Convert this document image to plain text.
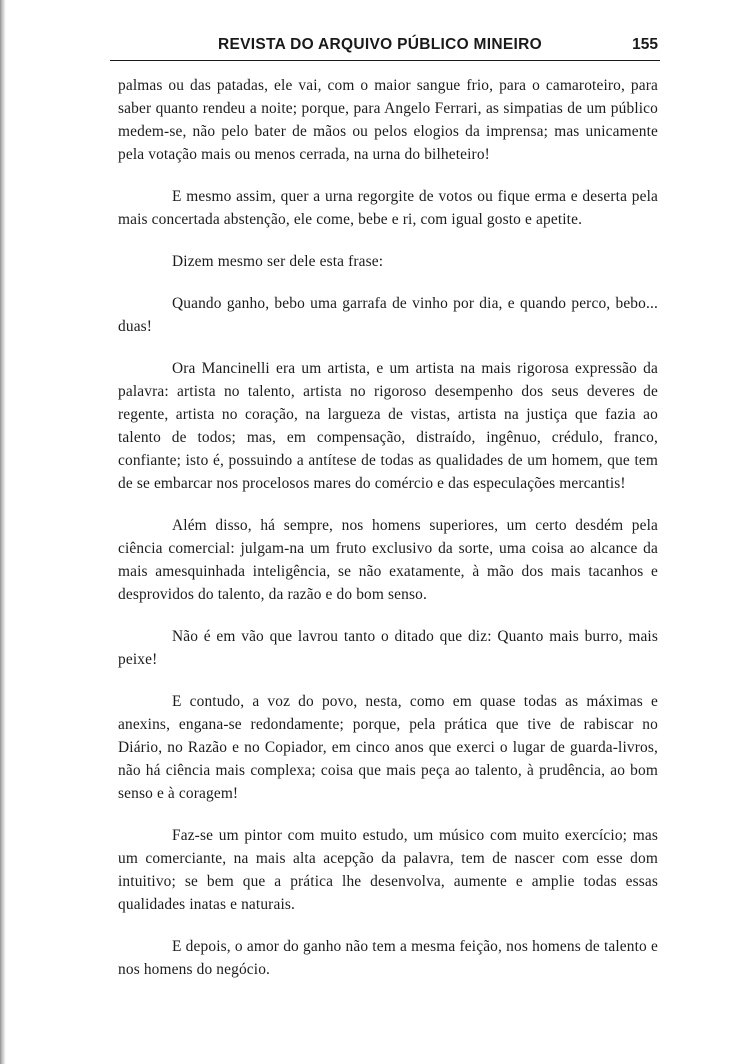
REVISTA DO ARQUIVO PÚBLICO MINEIRO	155

palmas ou das patadas, ele vai, com o maior sangue frio, para o camaroteiro, para saber quanto rendeu a noite; porque, para Angelo Ferrari, as simpatias de um público medem-se, não pelo bater de mãos ou pelos elogios da imprensa; mas unicamente pela votação mais ou menos cerrada, na urna do bilheteiro!

E mesmo assim, quer a urna regorgite de votos ou fique erma e deserta pela mais concertada abstenção, ele come, bebe e ri, com igual gosto e apetite.

Dizem mesmo ser dele esta frase:

Quando ganho, bebo uma garrafa de vinho por dia, e quando perco, bebo... duas!

Ora Mancinelli era um artista, e um artista na mais rigorosa expressão da palavra: artista no talento, artista no rigoroso desempenho dos seus deveres de regente, artista no coração, na largueza de vistas, artista na justiça que fazia ao talento de todos; mas, em compensação, distraído, ingênuo, crédulo, franco, confiante; isto é, possuindo a antítese de todas as qualidades de um homem, que tem de se embarcar nos procelosos mares do comércio e das especulações mercantis!

Além disso, há sempre, nos homens superiores, um certo desdém pela ciência comercial: julgam-na um fruto exclusivo da sorte, uma coisa ao alcance da mais amesquinhada inteligência, se não exatamente, à mão dos mais tacanhos e desprovidos do talento, da razão e do bom senso.

Não é em vão que lavrou tanto o ditado que diz: Quanto mais burro, mais peixe!

E contudo, a voz do povo, nesta, como em quase todas as máximas e anexins, engana-se redondamente; porque, pela prática que tive de rabiscar no Diário, no Razão e no Copiador, em cinco anos que exerci o lugar de guarda-livros, não há ciência mais complexa; coisa que mais peça ao talento, à prudência, ao bom senso e à coragem!

Faz-se um pintor com muito estudo, um músico com muito exercício; mas um comerciante, na mais alta acepção da palavra, tem de nascer com esse dom intuitivo; se bem que a prática lhe desenvolva, aumente e amplie todas essas qualidades inatas e naturais.

E depois, o amor do ganho não tem a mesma feição, nos homens de talento e nos homens do negócio.
